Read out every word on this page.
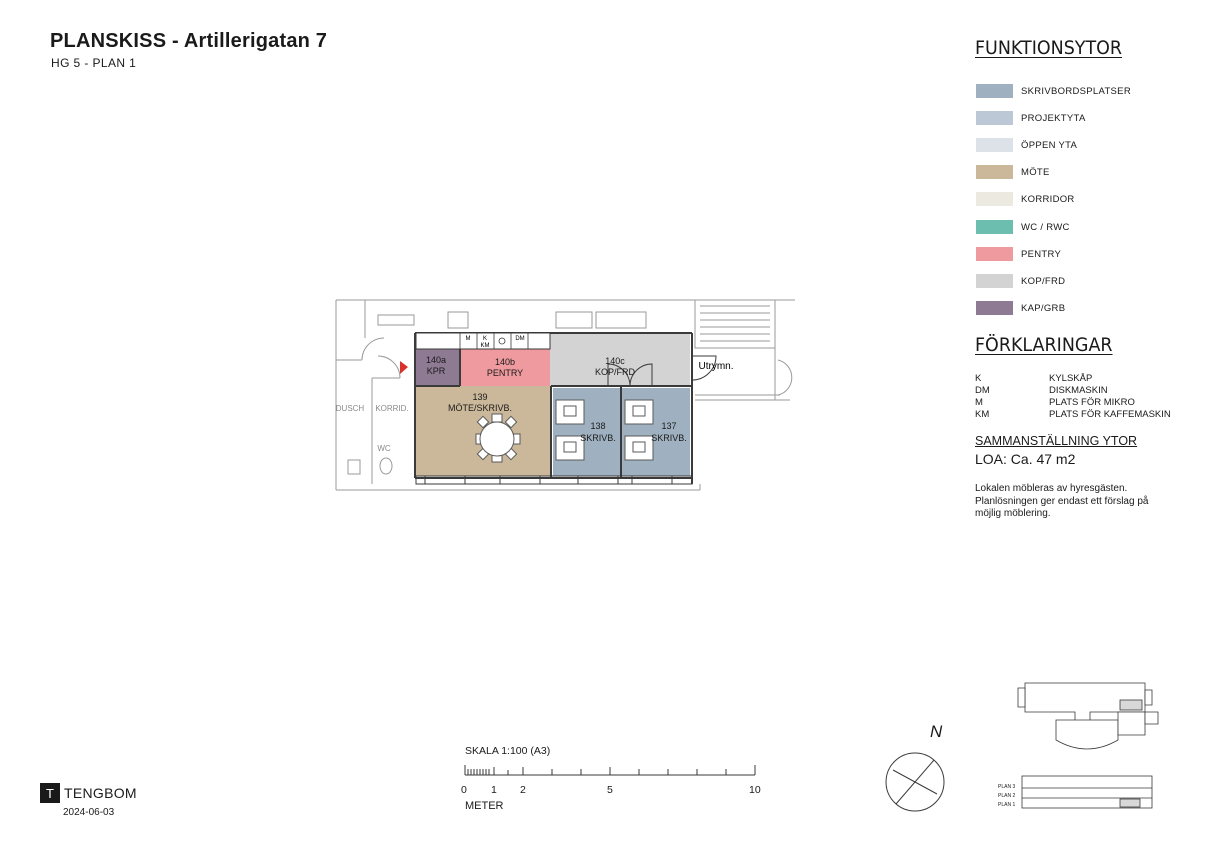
PLANSKISS - Artillerigatan 7
HG 5 - PLAN 1
FUNKTIONSYTOR
SKRIVBORDSPLATSER
PROJEKTYTA
ÖPPEN YTA
MÖTE
KORRIDOR
WC / RWC
PENTRY
KOP/FRD
KAP/GRB
FÖRKLARINGAR
K	KYLSKÅP
DM	DISKMASKIN
M	PLATS FÖR MIKRO
KM	PLATS FÖR KAFFEMASKIN
SAMMANSTÄLLNING YTOR
LOA: Ca. 47 m2
Lokalen möbleras av hyresgästen. Planlösningen ger endast ett förslag på möjlig möblering.
M K
KM
DM
140a
KPR
140b
PENTRY
140c
KOP/FRD
139
MÖTE/SKRIVB.
138
SKRIVB.
137
SKRIVB.
Utrymn.
DUSCH KORRID.
WC
SKALA 1:100 (A3)
0 1 2	5	10
METER
N
PLAN 3
PLAN 2
PLAN 1
T TENGBOM
2024-06-03
